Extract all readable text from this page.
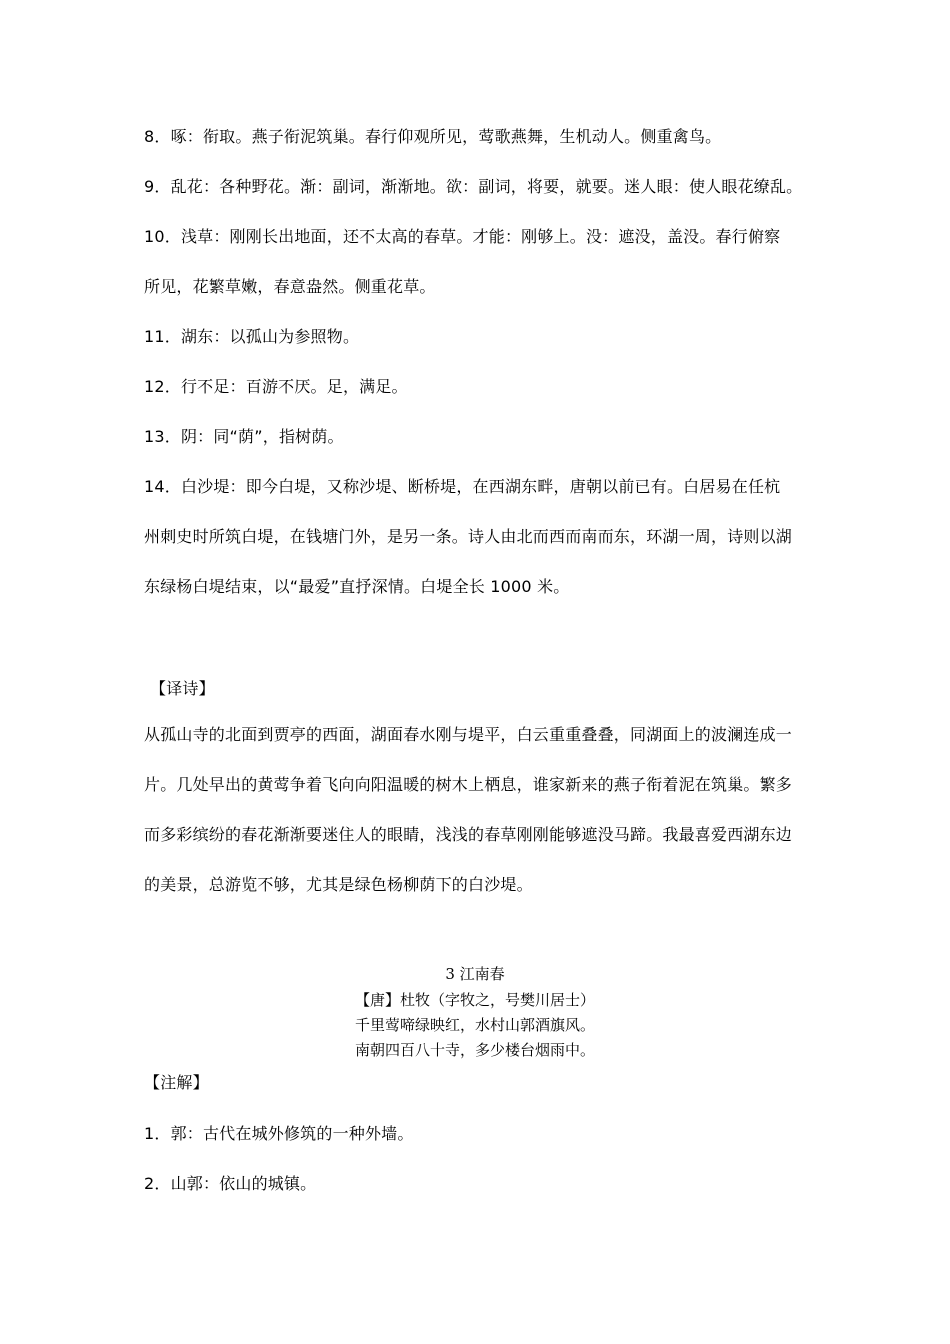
8．啄：衔取。燕子衔泥筑巢。春行仰观所见，莺歌燕舞，生机动人。侧重禽鸟。
9．乱花：各种野花。渐：副词，渐渐地。欲：副词，将要，就要。迷人眼：使人眼花缭乱。
10．浅草：刚刚长出地面，还不太高的春草。才能：刚够上。没：遮没，盖没。春行俯察
所见，花繁草嫩，春意盎然。侧重花草。
11．湖东：以孤山为参照物。
12．行不足：百游不厌。足，满足。
13．阴：同“荫”，指树荫。
14．白沙堤：即今白堤，又称沙堤、断桥堤，在西湖东畔，唐朝以前已有。白居易在任杭
州刺史时所筑白堤，在钱塘门外，是另一条。诗人由北而西而南而东，环湖一周，诗则以湖
东绿杨白堤结束，以“最爱”直抒深情。白堤全长 1000 米。
【译诗】
从孤山寺的北面到贾亭的西面，湖面春水刚与堤平，白云重重叠叠，同湖面上的波澜连成一
片。几处早出的黄莺争着飞向向阳温暖的树木上栖息，谁家新来的燕子衔着泥在筑巢。繁多
而多彩缤纷的春花渐渐要迷住人的眼睛，浅浅的春草刚刚能够遮没马蹄。我最喜爱西湖东边
的美景，总游览不够，尤其是绿色杨柳荫下的白沙堤。
3 江南春
【唐】杜牧（字牧之，号樊川居士）
千里莺啼绿映红，水村山郭酒旗风。
南朝四百八十寺，多少楼台烟雨中。
【注解】
1．郭：古代在城外修筑的一种外墙。
2．山郭：依山的城镇。
